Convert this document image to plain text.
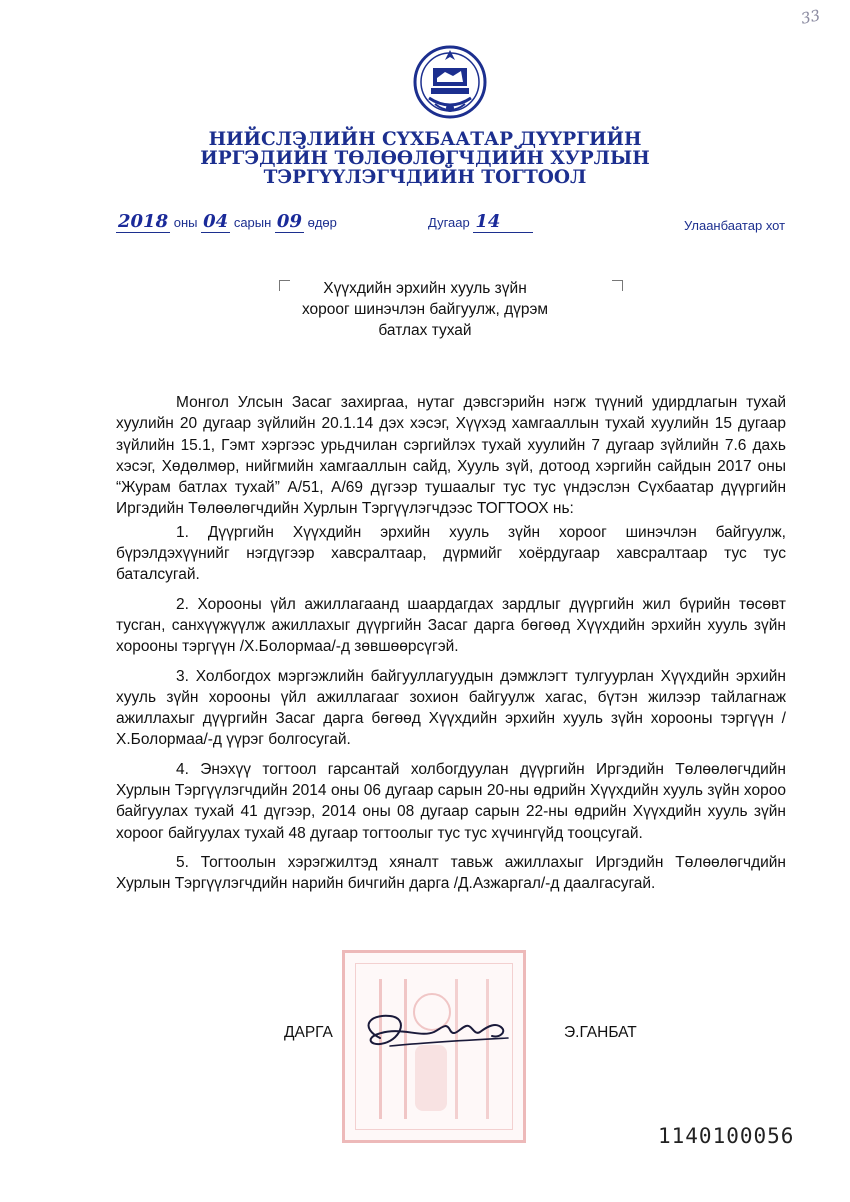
33
НИЙСЛЭЛИЙН СҮХБААТАР ДҮҮРГИЙН
ИРГЭДИЙН ТӨЛӨӨЛӨГЧДИЙН ХУРЛЫН
ТЭРГҮҮЛЭГЧДИЙН ТОГТООЛ
2018 оны 04 сарын 09 өдөр	Дугаар 14	Улаанбаатар хот
Хүүхдийн эрхийн хууль зүйн
хороог шинэчлэн байгуулж, дүрэм
батлах тухай

Монгол Улсын Засаг захиргаа, нутаг дэвсгэрийн нэгж түүний удирдлагын тухай хуулийн 20 дугаар зүйлийн 20.1.14 дэх хэсэг, Хүүхэд хамгааллын тухай хуулийн 15 дугаар зүйлийн 15.1, Гэмт хэргээс урьдчилан сэргийлэх тухай хуулийн 7 дугаар зүйлийн 7.6 дахь хэсэг, Хөдөлмөр, нийгмийн хамгааллын сайд, Хууль зүй, дотоод хэргийн сайдын 2017 оны “Журам батлах тухай” А/51, А/69 дүгээр тушаалыг тус тус үндэслэн Сүхбаатар дүүргийн Иргэдийн Төлөөлөгчдийн Хурлын Тэргүүлэгчдээс ТОГТООХ нь:

1. Дүүргийн Хүүхдийн эрхийн хууль зүйн хороог шинэчлэн байгуулж, бүрэлдэхүүнийг нэгдүгээр хавсралтаар, дүрмийг хоёрдугаар хавсралтаар тус тус баталсугай.

2. Хорооны үйл ажиллагаанд шаардагдах зардлыг дүүргийн жил бүрийн төсөвт тусган, санхүүжүүлж ажиллахыг дүүргийн Засаг дарга бөгөөд Хүүхдийн эрхийн хууль зүйн хорооны тэргүүн /Х.Болормаа/-д зөвшөөрсүгэй.

3. Холбогдох мэргэжлийн байгууллагуудын дэмжлэгт тулгуурлан Хүүхдийн эрхийн хууль зүйн хорооны үйл ажиллагааг зохион байгуулж хагас, бүтэн жилээр тайлагнаж ажиллахыг дүүргийн Засаг дарга бөгөөд Хүүхдийн эрхийн хууль зүйн хорооны тэргүүн /Х.Болормаа/-д үүрэг болгосугай.

4. Энэхүү тогтоол гарсантай холбогдуулан дүүргийн Иргэдийн Төлөөлөгчдийн Хурлын Тэргүүлэгчдийн 2014 оны 06 дугаар сарын 20-ны өдрийн Хүүхдийн хууль зүйн хороо байгуулах тухай 41 дүгээр, 2014 оны 08 дугаар сарын 22-ны өдрийн Хүүхдийн хууль зүйн хороог байгуулах тухай 48 дугаар тогтоолыг тус тус хүчингүйд тооцсугай.

5. Тогтоолын хэрэгжилтэд хяналт тавьж ажиллахыг Иргэдийн Төлөөлөгчдийн Хурлын Тэргүүлэгчдийн нарийн бичгийн дарга /Д.Азжаргал/-д даалгасугай.

ДАРГА	Э.ГАНБАТ
1140100056
